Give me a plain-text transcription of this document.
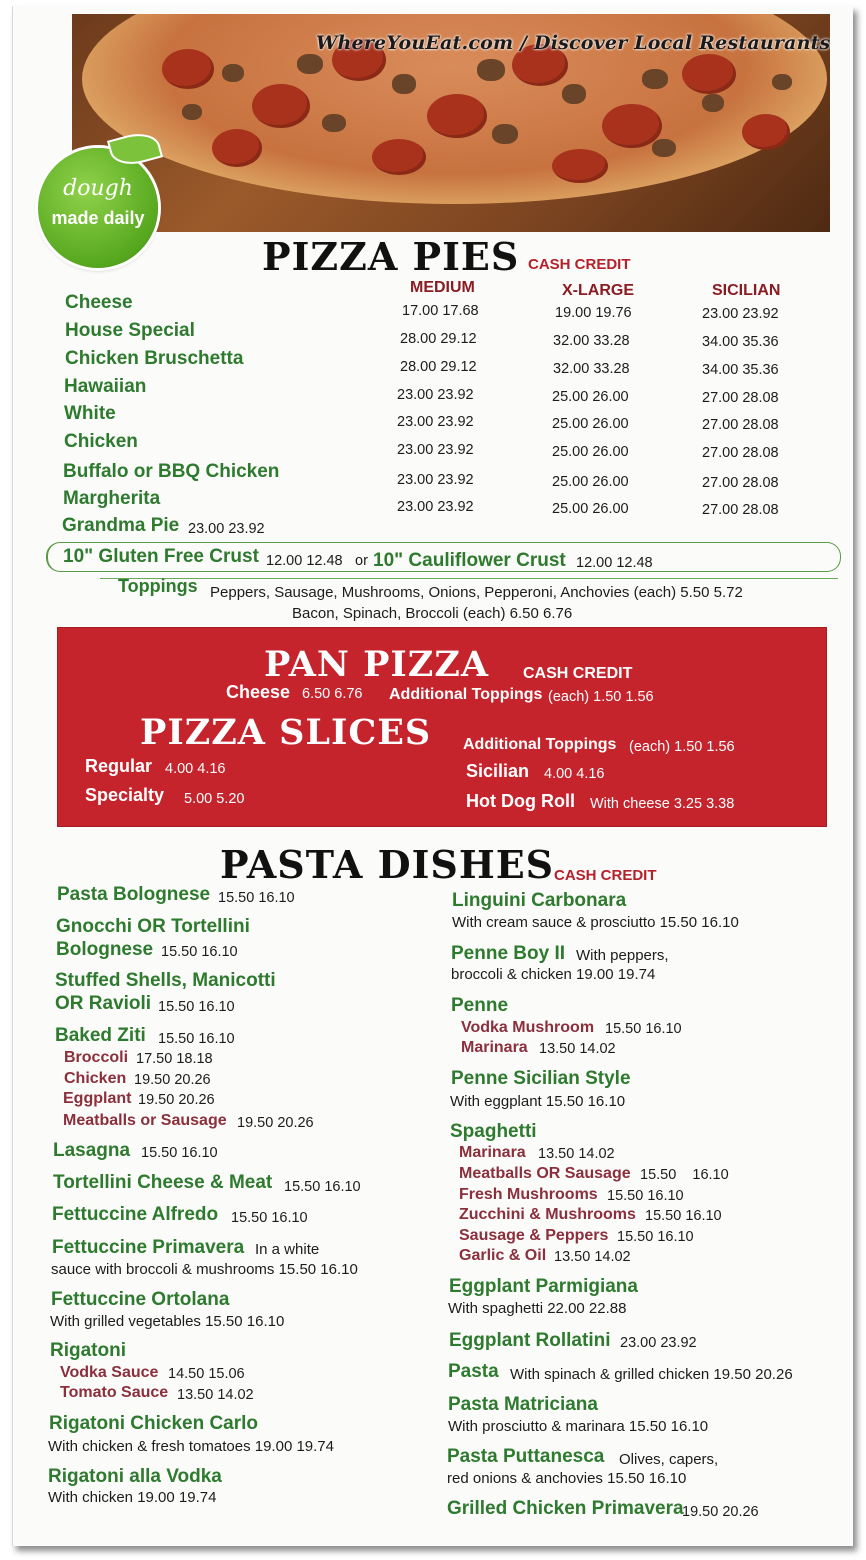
WhereYouEat.com / Discover Local Restaurants
dough
made daily
PIZZA PIES CASH CREDIT
MEDIUM	X-LARGE	SICILIAN
Cheese	17.00 17.68	19.00 19.76	23.00 23.92
House Special	28.00 29.12	32.00 33.28	34.00 35.36
Chicken Bruschetta	28.00 29.12	32.00 33.28	34.00 35.36
Hawaiian	23.00 23.92	25.00 26.00	27.00 28.08
White	23.00 23.92	25.00 26.00	27.00 28.08
Chicken	23.00 23.92	25.00 26.00	27.00 28.08
Buffalo or BBQ Chicken	23.00 23.92	25.00 26.00	27.00 28.08
Margherita	23.00 23.92	25.00 26.00	27.00 28.08
Grandma Pie 23.00 23.92
10" Gluten Free Crust 12.00 12.48 or 10" Cauliflower Crust 12.00 12.48
Toppings Peppers, Sausage, Mushrooms, Onions, Pepperoni, Anchovies (each) 5.50 5.72
Bacon, Spinach, Broccoli (each) 6.50 6.76
PAN PIZZA CASH CREDIT
Cheese 6.50 6.76 Additional Toppings (each) 1.50 1.56
PIZZA SLICES Additional Toppings (each) 1.50 1.56
Regular 4.00 4.16
Specialty 5.00 5.20
Sicilian 4.00 4.16
Hot Dog Roll With cheese 3.25 3.38
PASTA DISHES CASH CREDIT
Pasta Bolognese 15.50 16.10
Gnocchi OR Tortellini
Bolognese 15.50 16.10
Stuffed Shells, Manicotti
OR Ravioli 15.50 16.10
Baked Ziti 15.50 16.10
Broccoli 17.50 18.18
Chicken 19.50 20.26
Eggplant 19.50 20.26
Meatballs or Sausage 19.50 20.26
Lasagna 15.50 16.10
Tortellini Cheese & Meat 15.50 16.10
Fettuccine Alfredo 15.50 16.10
Fettuccine Primavera In a white
sauce with broccoli & mushrooms 15.50 16.10
Fettuccine Ortolana
With grilled vegetables 15.50 16.10
Rigatoni
Vodka Sauce 14.50 15.06
Tomato Sauce 13.50 14.02
Rigatoni Chicken Carlo
With chicken & fresh tomatoes 19.00 19.74
Rigatoni alla Vodka
With chicken 19.00 19.74
Linguini Carbonara
With cream sauce & prosciutto 15.50 16.10
Penne Boy II With peppers,
broccoli & chicken 19.00 19.74
Penne
Vodka Mushroom 15.50 16.10
Marinara 13.50 14.02
Penne Sicilian Style
With eggplant 15.50 16.10
Spaghetti
Marinara 13.50 14.02
Meatballs OR Sausage 15.50    16.10
Fresh Mushrooms 15.50 16.10
Zucchini & Mushrooms 15.50 16.10
Sausage & Peppers 15.50 16.10
Garlic & Oil 13.50 14.02
Eggplant Parmigiana
With spaghetti 22.00 22.88
Eggplant Rollatini 23.00 23.92
Pasta With spinach & grilled chicken 19.50 20.26
Pasta Matriciana
With prosciutto & marinara 15.50 16.10
Pasta Puttanesca Olives, capers,
red onions & anchovies 15.50 16.10
Grilled Chicken Primavera
19.50 20.26
